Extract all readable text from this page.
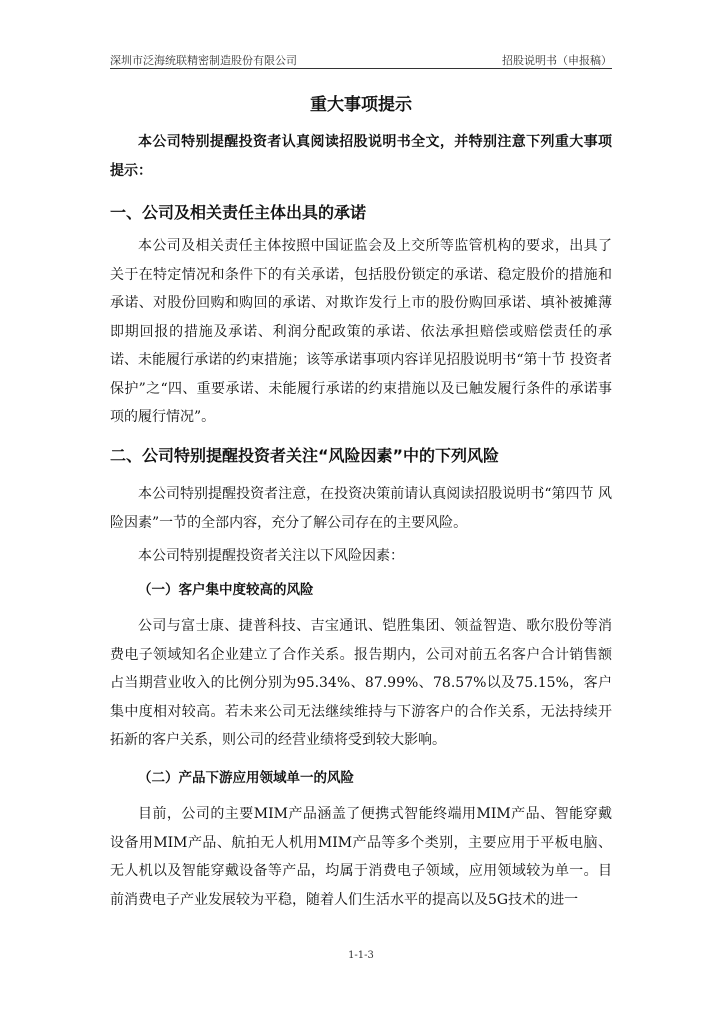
深圳市泛海统联精密制造股份有限公司	招股说明书（申报稿）
重大事项提示
本公司特别提醒投资者认真阅读招股说明书全文，并特别注意下列重大事项提示：
一、公司及相关责任主体出具的承诺
本公司及相关责任主体按照中国证监会及上交所等监管机构的要求，出具了关于在特定情况和条件下的有关承诺，包括股份锁定的承诺、稳定股价的措施和承诺、对股份回购和购回的承诺、对欺诈发行上市的股份购回承诺、填补被摊薄即期回报的措施及承诺、利润分配政策的承诺、依法承担赔偿或赔偿责任的承诺、未能履行承诺的约束措施；该等承诺事项内容详见招股说明书“第十节 投资者保护”之“四、重要承诺、未能履行承诺的约束措施以及已触发履行条件的承诺事项的履行情况”。
二、公司特别提醒投资者关注“风险因素”中的下列风险
本公司特别提醒投资者注意，在投资决策前请认真阅读招股说明书“第四节 风险因素”一节的全部内容，充分了解公司存在的主要风险。
本公司特别提醒投资者关注以下风险因素：
（一）客户集中度较高的风险
公司与富士康、捷普科技、吉宝通讯、铠胜集团、领益智造、歌尔股份等消费电子领域知名企业建立了合作关系。报告期内，公司对前五名客户合计销售额占当期营业收入的比例分别为95.34%、87.99%、78.57%以及75.15%，客户集中度相对较高。若未来公司无法继续维持与下游客户的合作关系，无法持续开拓新的客户关系，则公司的经营业绩将受到较大影响。
（二）产品下游应用领域单一的风险
目前，公司的主要MIM产品涵盖了便携式智能终端用MIM产品、智能穿戴设备用MIM产品、航拍无人机用MIM产品等多个类别，主要应用于平板电脑、无人机以及智能穿戴设备等产品，均属于消费电子领域，应用领域较为单一。目前消费电子产业发展较为平稳，随着人们生活水平的提高以及5G技术的进一
1-1-3
